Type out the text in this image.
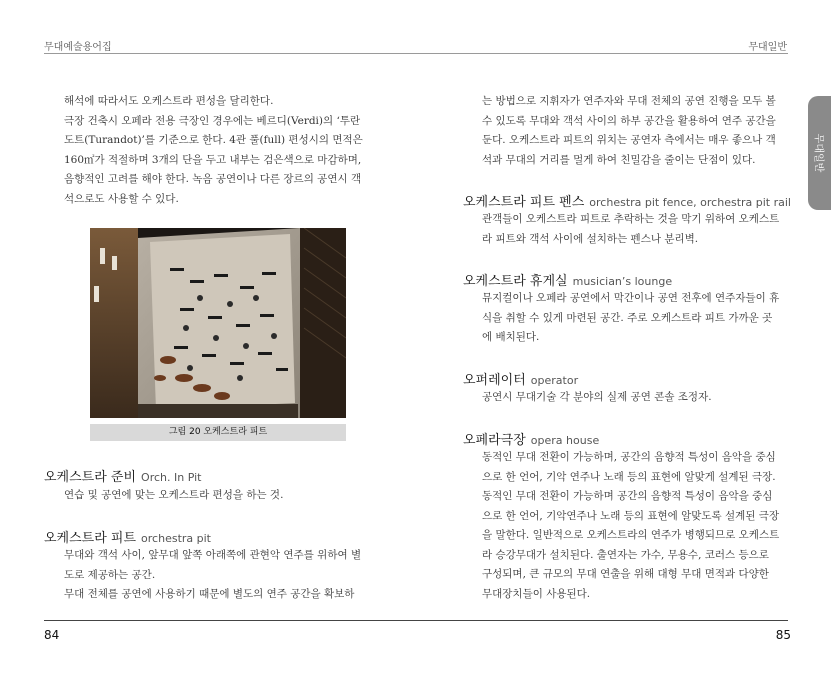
무대예술용어집	무대일반
무대일반
해석에 따라서도 오케스트라 편성을 달리한다.
극장 건축시 오페라 전용 극장인 경우에는 베르디(Verdi)의 ‘투란
도트(Turandot)’를 기준으로 한다. 4관 풀(full) 편성시의 면적은
160㎡가 적절하며 3개의 단을 두고 내부는 검은색으로 마감하며,
음향적인 고려를 해야 한다. 녹음 공연이나 다른 장르의 공연시 객
석으로도 사용할 수 있다.
그림 20 오케스트라 피트
오케스트라 준비 Orch. In Pit
연습 및 공연에 맞는 오케스트라 편성을 하는 것.
오케스트라 피트 orchestra pit
무대와 객석 사이, 앞무대 앞쪽 아래쪽에 관현악 연주를 위하여 별
도로 제공하는 공간.
무대 전체를 공연에 사용하기 때문에 별도의 연주 공간을 확보하
는 방법으로 지휘자가 연주자와 무대 전체의 공연 진행을 모두 볼
수 있도록 무대와 객석 사이의 하부 공간을 활용하여 연주 공간을
둔다. 오케스트라 피트의 위치는 공연자 측에서는 매우 좋으나 객
석과 무대의 거리를 멀게 하여 친밀감을 줄이는 단점이 있다.
오케스트라 피트 펜스 orchestra pit fence, orchestra pit rail
관객들이 오케스트라 피트로 추락하는 것을 막기 위하여 오케스트
라 피트와 객석 사이에 설치하는 펜스나 분리벽.
오케스트라 휴게실 musician’s lounge
뮤지컬이나 오페라 공연에서 막간이나 공연 전후에 연주자들이 휴
식을 취할 수 있게 마련된 공간. 주로 오케스트라 피트 가까운 곳
에 배치된다.
오퍼레이터 operator
공연시 무대기술 각 분야의 실제 공연 콘솔 조정자.
오페라극장 opera house
동적인 무대 전환이 가능하며, 공간의 음향적 특성이 음악을 중심
으로 한 언어, 기악 연주나 노래 등의 표현에 알맞게 설계된 극장.
동적인 무대 전환이 가능하며 공간의 음향적 특성이 음악을 중심
으로 한 언어, 기악연주나 노래 등의 표현에 알맞도록 설계된 극장
을 말한다. 일반적으로 오케스트라의 연주가 병행되므로 오케스트
라 승강무대가 설치된다. 출연자는 가수, 무용수, 코러스 등으로
구성되며, 큰 규모의 무대 연출을 위해 대형 무대 면적과 다양한
무대장치들이 사용된다.
84	85
